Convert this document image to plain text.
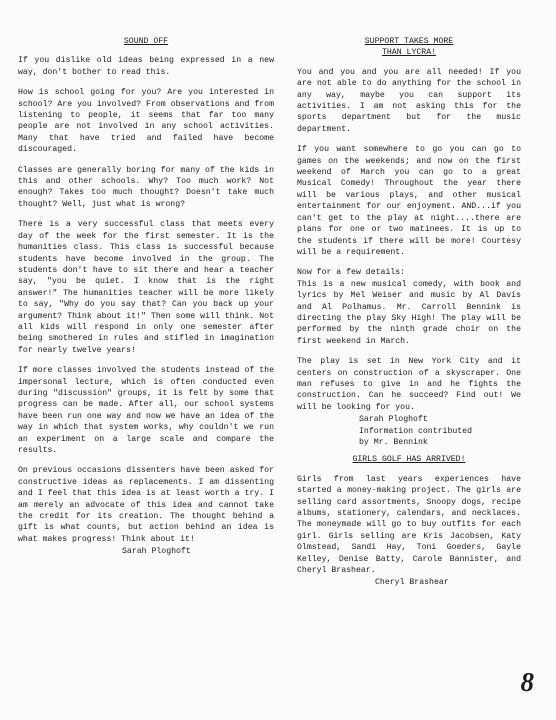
SOUND OFF

If you dislike old ideas being expressed in a new way, don't bother to read this.

How is school going for you? Are you interested in school? Are you involved? From observations and from listening to people, it seems that far too many people are not involved in any school activities. Many that have tried and failed have become discouraged.

Classes are generally boring for many of the kids in this and other schools. Why? Too much work? Not enough? Takes too much thought? Doesn't take much thought? Well, just what is wrong?

There is a very successful class that meets every day of the week for the first semester. It is the humanities class. This class is successful because students have become involved in the group. The students don't have to sit there and hear a teacher say, "you be quiet. I know that is the right answer!" The humanities teacher will be more likely to say, "Why do you say that? Can you back up your argument? Think about it!" Then some will think. Not all kids will respond in only one semester after being smothered in rules and stifled in imagination for nearly twelve years!

If more classes involved the students instead of the impersonal lecture, which is often conducted even during "discussion" groups, it is felt by some that progress can be made. After all, our school systems have been run one way and now we have an idea of the way in which that system works, why couldn't we run an experiment on a large scale and compare the results.

On previous occasions dissenters have been asked for constructive ideas as replacements. I am dissenting and I feel that this idea is at least worth a try. I am merely an advocate of this idea and cannot take the credit for its creation. The thought behind a gift is what counts, but action behind an idea is what makes progress! Think about it!

Sarah Ploghoft

SUPPORT TAKES MORE
THAN LYCRA!

You and you and you are all needed! If you are not able to do anything for the school in any way, maybe you can support its activities. I am not asking this for the sports department but for the music department.

If you want somewhere to go you can go to games on the weekends; and now on the first weekend of March you can go to a great Musical Comedy! Throughout the year there will be various plays, and other musical entertainment for our enjoyment. AND...if you can't get to the play at night....there are plans for one or two matinees. It is up to the students if there will be more! Courtesy will be a requirement.

Now for a few details:
This is a new musical comedy, with book and lyrics by Mel Weiser and music by Al Davis and Al Polhamus. Mr. Carroll Bennink is directing the play Sky High! The play will be performed by the ninth grade choir on the first weekend in March.

The play is set in New York City and it centers on construction of a skyscraper. One man refuses to give in and he fights the construction. Can he succeed? Find out! We will be looking for you.

Sarah Ploghoft
Information contributed
by Mr. Bennink

GIRLS GOLF HAS ARRIVED!

Girls from last years experiences have started a money-making project. The girls are selling card assortments, Snoopy dogs, recipe albums, stationery, calendars, and necklaces. The moneymade will go to buy outfits for each girl. Girls selling are Kris Jacobsen, Katy Olmstead, Sandi Hay, Toni Goeders, Gayle Kelley, Denise Batty, Carole Bannister, and Cheryl Brashear.

Cheryl Brashear

8
